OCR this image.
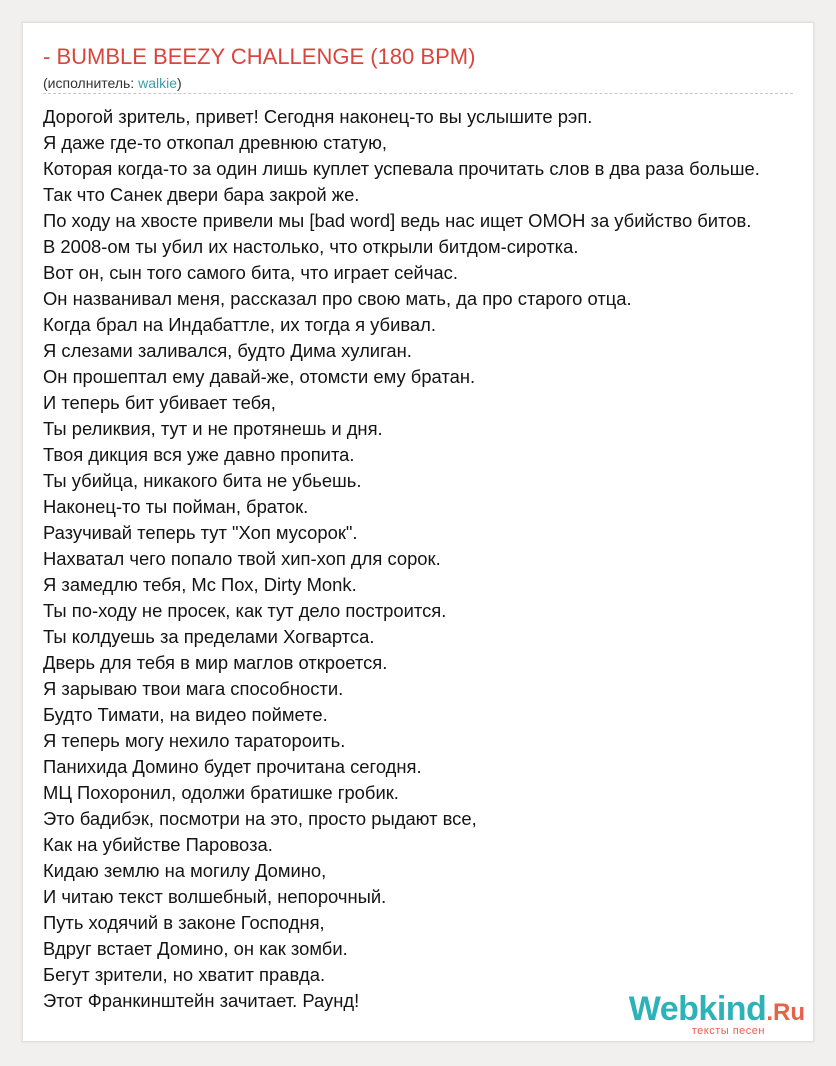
- BUMBLE BEEZY CHALLENGE (180 BPM)
(исполнитель: walkie)
Дорогой зритель, привет! Сегодня наконец-то вы услышите рэп.
Я даже где-то откопал древнюю статую,
Которая когда-то за один лишь куплет успевала прочитать слов в два раза больше.
Так что Санек двери бара закрой же.
По ходу на хвосте привели мы [bad word] ведь нас ищет ОМОН за убийство битов.
В 2008-ом ты убил их настолько, что открыли битдом-сиротка.
Вот он, сын того самого бита, что играет сейчас.
Он названивал меня, рассказал про свою мать, да про старого отца.
Когда брал на Индабаттле, их тогда я убивал.
Я слезами заливался, будто Дима хулиган.
Он прошептал ему давай-же, отомсти ему братан.
И теперь бит убивает тебя,
Ты реликвия, тут и не протянешь и дня.
Твоя дикция вся уже давно пропита.
Ты убийца, никакого бита не убьешь.
Наконец-то ты пойман, браток.
Разучивай теперь тут "Хоп мусорок".
Нахватал чего попало твой хип-хоп для сорок.
Я замедлю тебя, Mc Пох, Dirty Monk.
Ты по-ходу не просек, как тут дело построится.
Ты колдуешь за пределами Хогвартса.
Дверь для тебя в мир маглов откроется.
Я зарываю твои мага способности.
Будто Тимати, на видео поймете.
Я теперь могу нехило таратороить.
Панихида Домино будет прочитана сегодня.
МЦ Похоронил, одолжи братишке гробик.
Это бадибэк, посмотри на это, просто рыдают все,
Как на убийстве Паровоза.
Кидаю землю на могилу Домино,
И читаю текст волшебный, непорочный.
Путь ходячий в законе Господня,
Вдруг встает Домино, он как зомби.
Бегут зрители, но хватит правда.
Этот Франкинштейн зачитает. Раунд!	Webkind.Ru
тексты песен
